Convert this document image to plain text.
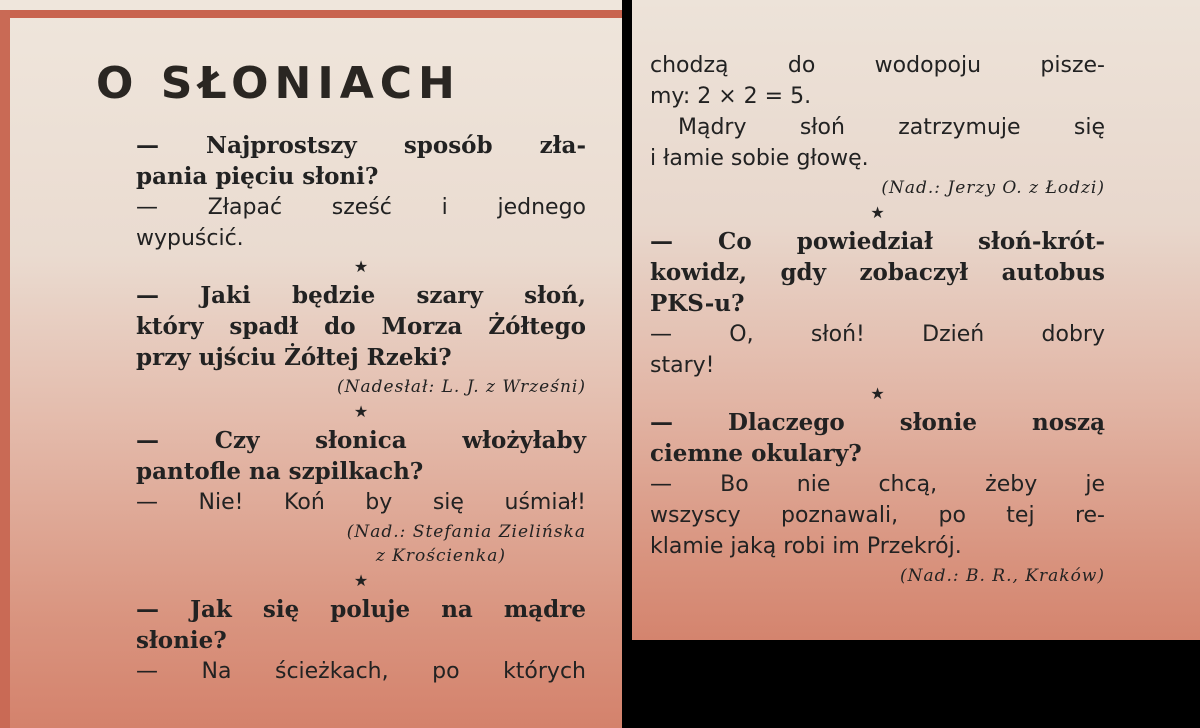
O SŁONIACH

— Najprostszy sposób zła-

pania pięciu słoni?

— Złapać sześć i jednego

wypuścić.

★

— Jaki będzie szary słoń,

który spadł do Morza Żółtego

przy ujściu Żółtej Rzeki?

(Nadesłał: L. J. z Wrześni)

★

— Czy słonica włożyłaby

pantofle na szpilkach?

— Nie! Koń by się uśmiał!

(Nad.: Stefania Zielińska

z Krościenka)

★

— Jak się poluje na mądre

słonie?

— Na ścieżkach, po których

chodzą do wodopoju pisze-

my: 2 × 2 = 5.

Mądry słoń zatrzymuje się

i łamie sobie głowę.

(Nad.: Jerzy O. z Łodzi)

★

— Co powiedział słoń-krót-

kowidz, gdy zobaczył autobus

PKS-u?

— O, słoń! Dzień dobry

stary!

★

— Dlaczego słonie noszą

ciemne okulary?

— Bo nie chcą, żeby je

wszyscy poznawali, po tej re-

klamie jaką robi im Przekrój.

(Nad.: B. R., Kraków)
